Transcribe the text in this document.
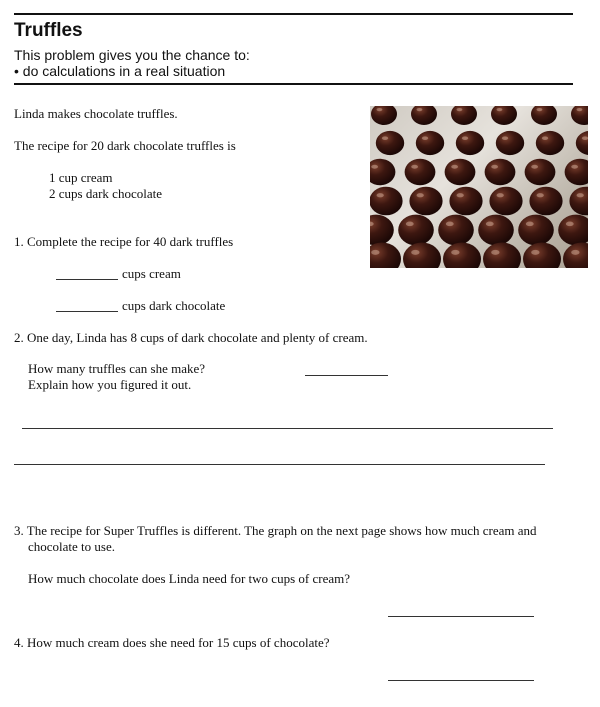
Truffles
This problem gives you the chance to:
• do calculations in a real situation
Linda makes chocolate truffles.
The recipe for 20 dark chocolate truffles is
1 cup cream
2 cups dark chocolate
1. Complete the recipe for 40 dark truffles
cups cream
cups dark chocolate
2. One day, Linda has 8 cups of dark chocolate and plenty of cream.
How many truffles can she make?
Explain how you figured it out.
3. The recipe for Super Truffles is different. The graph on the next page shows how much cream and
chocolate to use.
How much chocolate does Linda need for two cups of cream?
4. How much cream does she need for 15 cups of chocolate?
